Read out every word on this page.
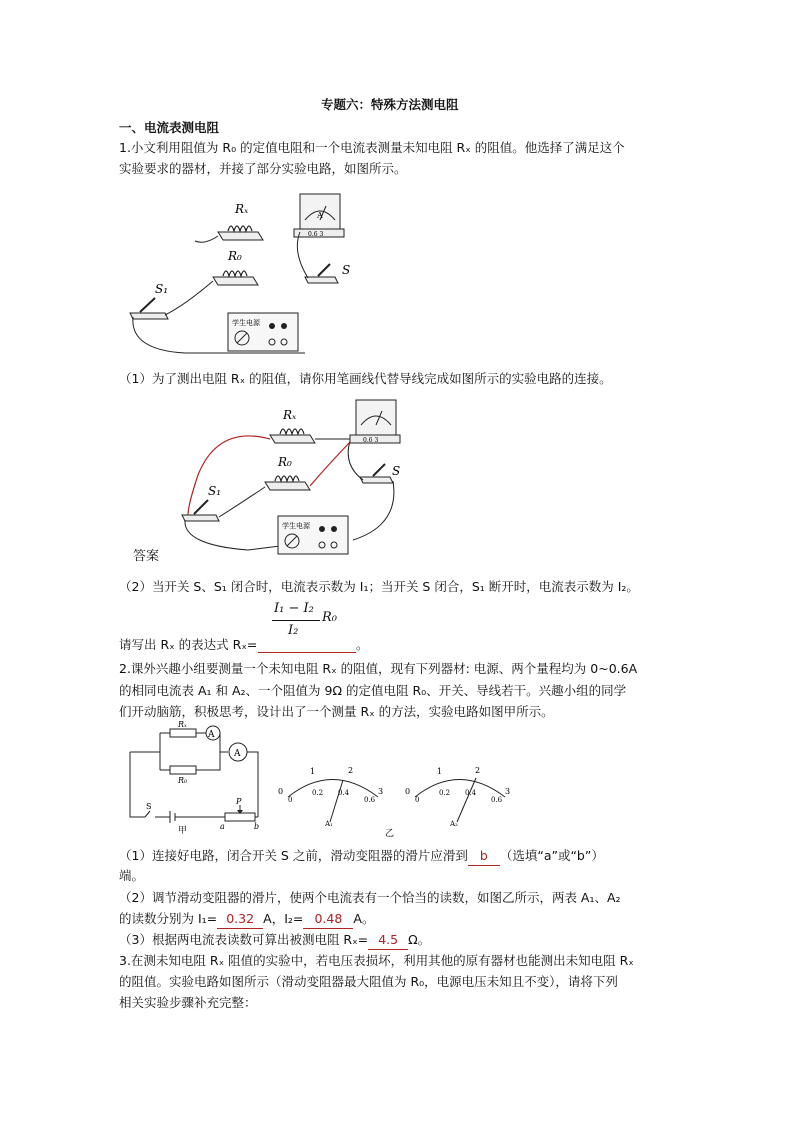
专题六：特殊方法测电阻
一、电流表测电阻
1.小文利用阻值为 R₀ 的定值电阻和一个电流表测量未知电阻 Rₓ 的阻值。他选择了满足这个
实验要求的器材，并接了部分实验电路，如图所示。
Rₓ
R₀
S₁
A
0.6 3
S
学生电源
（1）为了测出电阻 Rₓ 的阻值，请你用笔画线代替导线完成如图所示的实验电路的连接。
Rₓ
R₀
S₁
0.6 3
S
学生电源
答案
（2）当开关 S、S₁ 闭合时，电流表示数为 I₁；当开关 S 闭合，S₁ 断开时，电流表示数为 I₂。
请写出 Rₓ 的表达式 Rₓ=	。
I₁ − I₂
R₀
I₂
2.课外兴趣小组要测量一个未知电阻 Rₓ 的阻值，现有下列器材: 电源、两个量程均为 0~0.6A
的相同电流表 A₁ 和 A₂、一个阻值为 9Ω 的定值电阻 R₀、开关、导线若干。兴趣小组的同学
们开动脑筋，积极思考，设计出了一个测量 Rₓ 的方法，实验电路如图甲所示。
A
A
Rₓ
R₀
S
P
a	b
甲
A₁	A₂
乙
0
1	2
3
0
0.2 0.4
0.6
0
1	2
3
0
0.2 0.4
0.6
（1）连接好电路，闭合开关 S 之前，滑动变阻器的滑片应滑到 b （选填“a”或“b”）
端。
（2）调节滑动变阻器的滑片，使两个电流表有一个恰当的读数，如图乙所示，两表 A₁、A₂
的读数分别为 I₁= 0.32 A，I₂= 0.48 A。
（3）根据两电流表读数可算出被测电阻 Rₓ= 4.5 Ω。
3.在测未知电阻 Rₓ 阻值的实验中，若电压表损坏，利用其他的原有器材也能测出未知电阻 Rₓ
的阻值。实验电路如图所示（滑动变阻器最大阻值为 R₀，电源电压未知且不变），请将下列
相关实验步骤补充完整：
